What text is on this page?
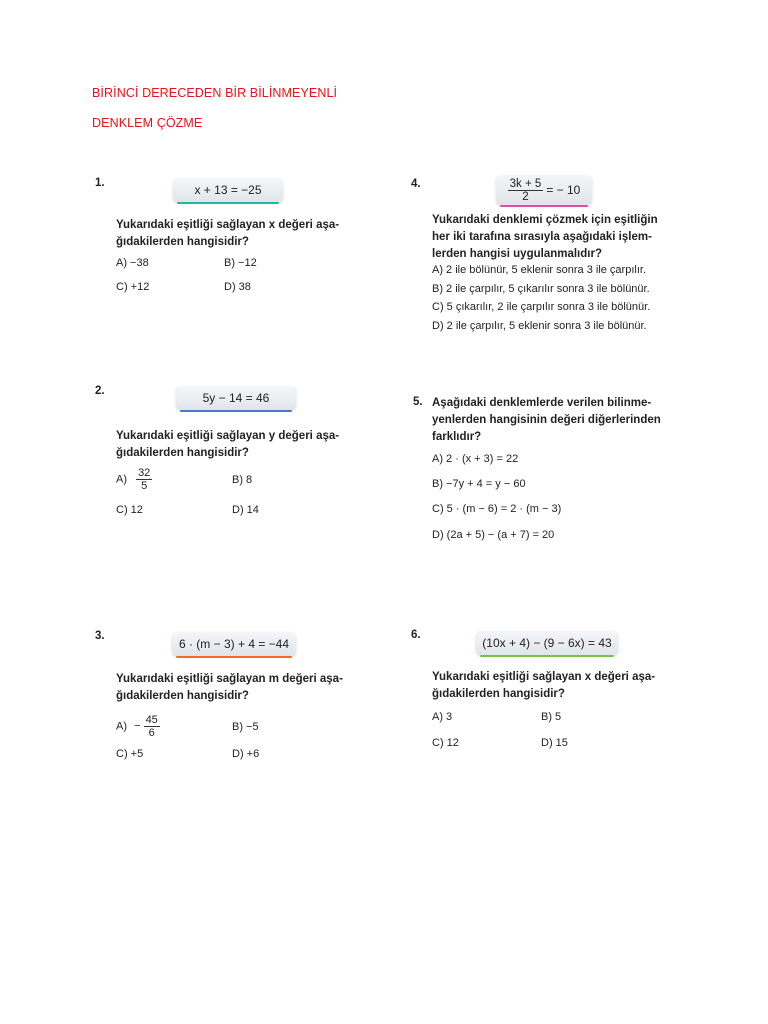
BİRİNCİ DERECEDEN BİR BİLİNMEYENLİ
DENKLEM ÇÖZME
1.	x + 13 = −25
Yukarıdaki eşitliği sağlayan x değeri aşa-
ğıdakilerden hangisidir?
A) −38	B) −12
C) +12	D) 38
2.	5y − 14 = 46
Yukarıdaki eşitliği sağlayan y değeri aşa-
ğıdakilerden hangisidir?
$A) \frac{32}{5}$	B) 8
C) 12	D) 14
3.
6 · (m − 3) + 4 = −44
Yukarıdaki eşitliği sağlayan m değeri aşa-
ğıdakilerden hangisidir?
$A) - \frac{45}{6}$	B) −5
C) +5	D) +6
4.	$\frac{3k + 5}{2}$ = − 10
Yukarıdaki denklemi çözmek için eşitliğin
her iki tarafına sırasıyla aşağıdaki işlem-
lerden hangisi uygulanmalıdır?
A) 2 ile bölünür, 5 eklenir sonra 3 ile çarpılır.
B) 2 ile çarpılır, 5 çıkarılır sonra 3 ile bölünür.
C) 5 çıkarılır, 2 ile çarpılır sonra 3 ile bölünür.
D) 2 ile çarpılır, 5 eklenir sonra 3 ile bölünür.
5. Aşağıdaki denklemlerde verilen bilinme-
yenlerden hangisinin değeri diğerlerinden
farklıdır?
A) 2 · (x + 3) = 22
B) −7y + 4 = y − 60
C) 5 · (m − 6) = 2 · (m − 3)
D) (2a + 5) − (a + 7) = 20
6.
(10x + 4) − (9 − 6x) = 43
Yukarıdaki eşitliği sağlayan x değeri aşa-
ğıdakilerden hangisidir?
A) 3	B) 5
C) 12	D) 15
